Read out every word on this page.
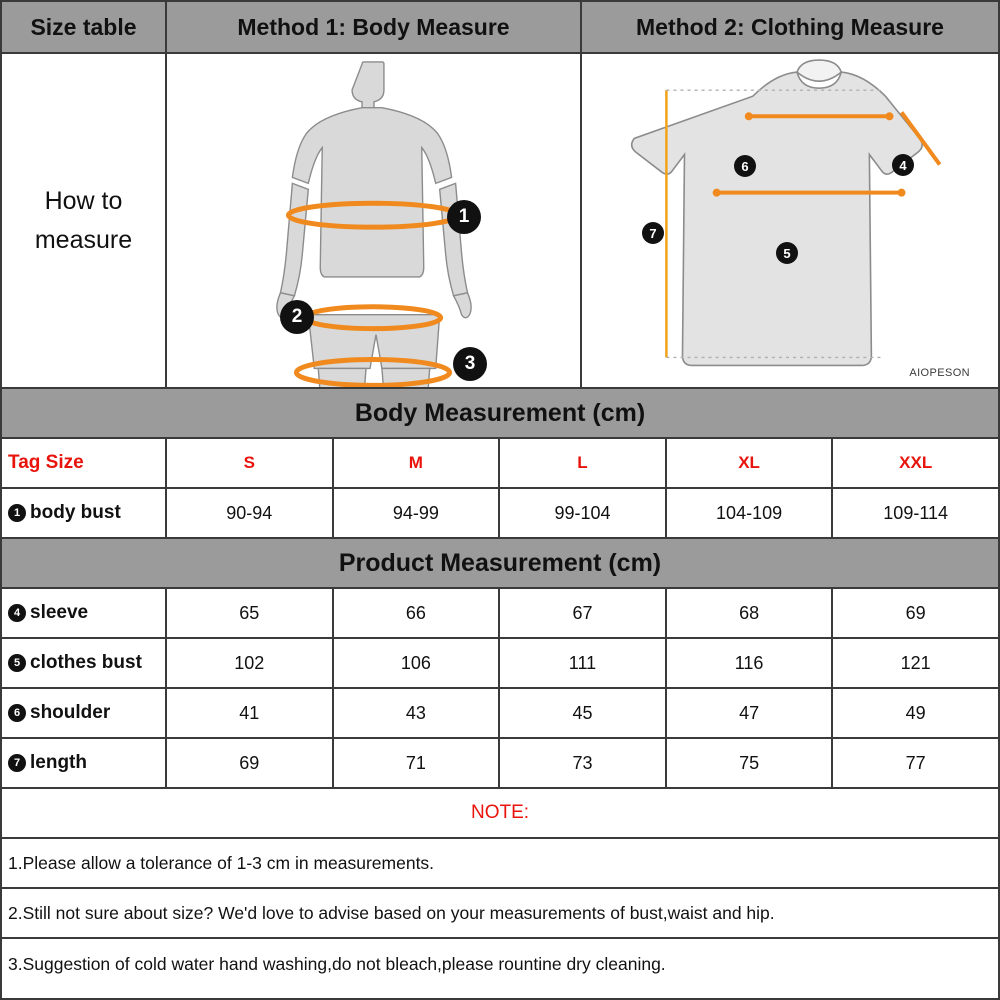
Size table	Method 1: Body Measure	Method 2: Clothing Measure
How to
measure
1
2
3
4
5
6
7
AIOPESON
Body Measurement (cm)
Tag Size	S	M	L	XL	XXL
1 body bust	90-94	94-99	99-104	104-109	109-114
Product Measurement (cm)
4 sleeve	65	66	67	68	69
5 clothes bust	102	106	111	116	121
6 shoulder	41	43	45	47	49
7 length	69	71	73	75	77
NOTE:
1.Please allow a tolerance of 1-3 cm in measurements.
2.Still not sure about size? We'd love to advise based on your measurements of bust,waist and hip.
3.Suggestion of cold water hand washing,do not bleach,please rountine dry cleaning.
